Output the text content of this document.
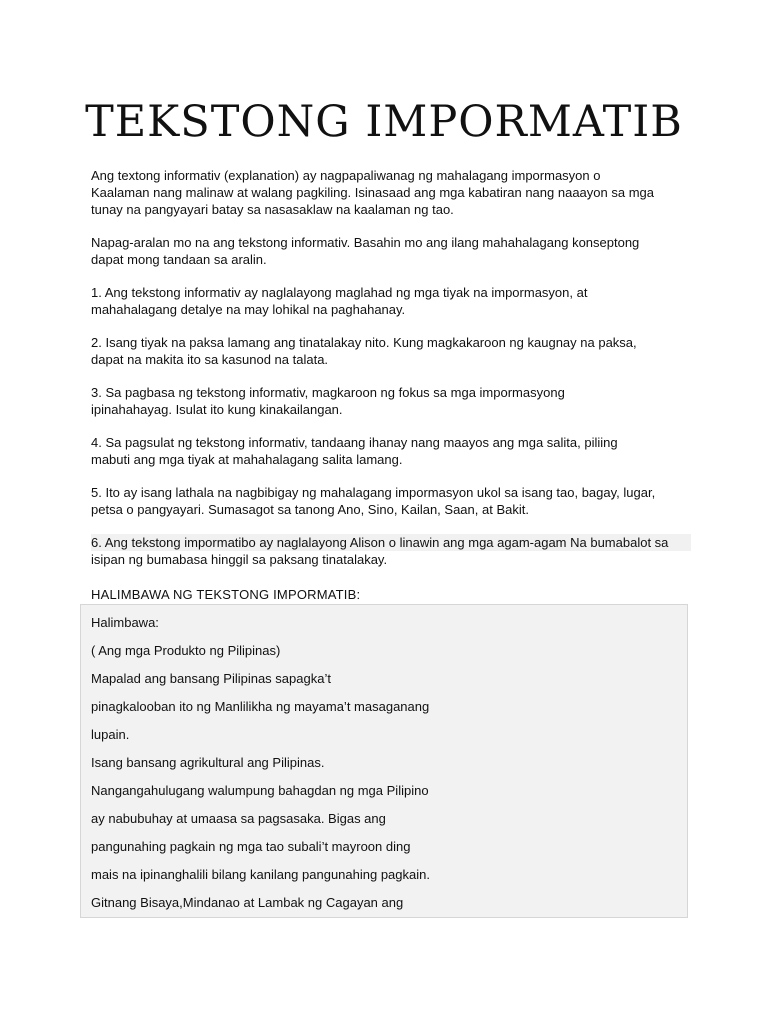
TEKSTONG IMPORMATIB

Ang textong informativ (explanation) ay nagpapaliwanag ng mahalagang impormasyon o
Kaalaman nang malinaw at walang pagkiling. Isinasaad ang mga kabatiran nang naaayon sa mga
tunay na pangyayari batay sa nasasaklaw na kaalaman ng tao.

Napag-aralan mo na ang tekstong informativ. Basahin mo ang ilang mahahalagang konseptong
dapat mong tandaan sa aralin.

1. Ang tekstong informativ ay naglalayong maglahad ng mga tiyak na impormasyon, at
mahahalagang detalye na may lohikal na paghahanay.

2. Isang tiyak na paksa lamang ang tinatalakay nito. Kung magkakaroon ng kaugnay na paksa,
dapat na makita ito sa kasunod na talata.

3. Sa pagbasa ng tekstong informativ, magkaroon ng fokus sa mga impormasyong
ipinahahayag. Isulat ito kung kinakailangan.

4. Sa pagsulat ng tekstong informativ, tandaang ihanay nang maayos ang mga salita, piliing
mabuti ang mga tiyak at mahahalagang salita lamang.

5. Ito ay isang lathala na nagbibigay ng mahalagang impormasyon ukol sa isang tao, bagay, lugar,
petsa o pangyayari. Sumasagot sa tanong Ano, Sino, Kailan, Saan, at Bakit.

6. Ang tekstong impormatibo ay naglalayong Alison o linawin ang mga agam-agam Na bumabalot sa
isipan ng bumabasa hinggil sa paksang tinatalakay.

HALIMBAWA NG TEKSTONG IMPORMATIB:
Halimbawa:
( Ang mga Produkto ng Pilipinas)
Mapalad ang bansang Pilipinas sapagka’t
pinagkalooban ito ng Manlilikha ng mayama’t masaganang
lupain.
Isang bansang agrikultural ang Pilipinas.
Nangangahulugang walumpung bahagdan ng mga Pilipino
ay nabubuhay at umaasa sa pagsasaka. Bigas ang
pangunahing pagkain ng mga tao subali’t mayroon ding
mais na ipinanghalili bilang kanilang pangunahing pagkain.
Gitnang Bisaya,Mindanao at Lambak ng Cagayan ang
